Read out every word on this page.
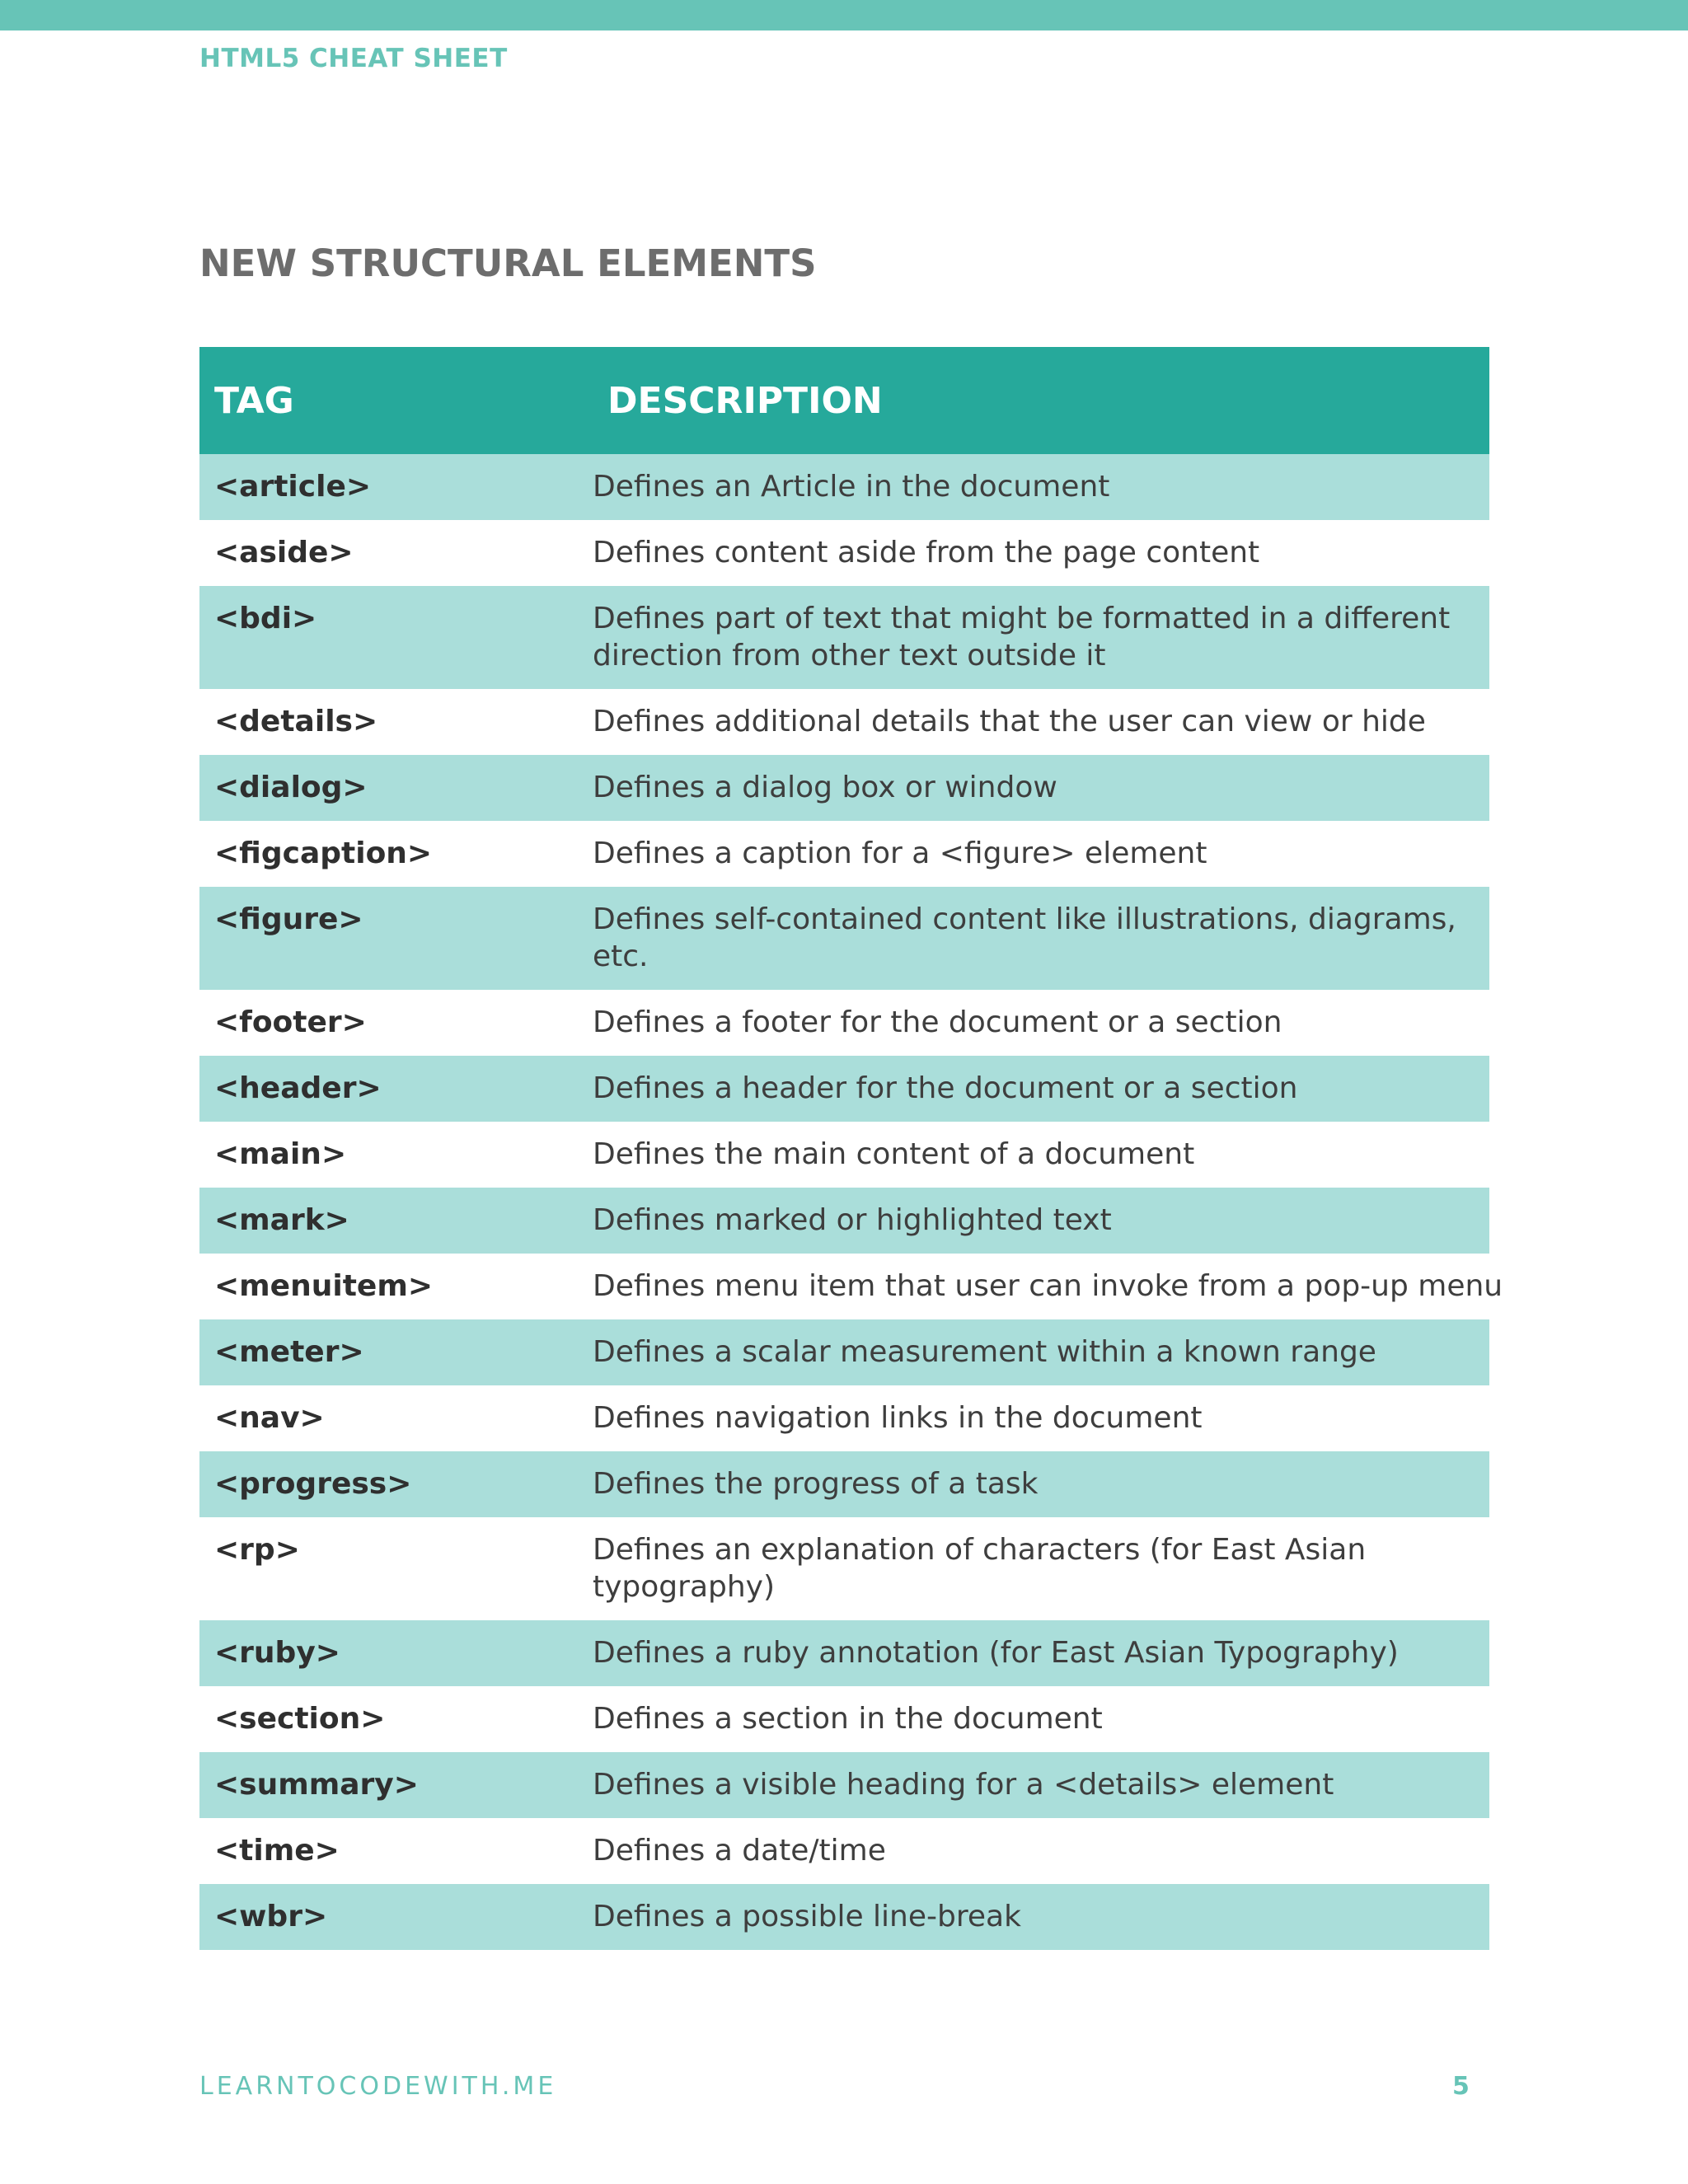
HTML5 CHEAT SHEET
NEW STRUCTURAL ELEMENTS
TAG	DESCRIPTION
<article>	Defines an Article in the document
<aside>	Defines content aside from the page content
<bdi>	Defines part of text that might be formatted in a different
direction from other text outside it
<details>	Defines additional details that the user can view or hide
<dialog>	Defines a dialog box or window
<figcaption>	Defines a caption for a <figure> element
<figure>	Defines self-contained content like illustrations, diagrams,
etc.
<footer>	Defines a footer for the document or a section
<header>	Defines a header for the document or a section
<main>	Defines the main content of a document
<mark>	Defines marked or highlighted text
<menuitem>	Defines menu item that user can invoke from a pop-up menu
<meter>	Defines a scalar measurement within a known range
<nav>	Defines navigation links in the document
<progress>	Defines the progress of a task
<rp>	Defines an explanation of characters (for East Asian
typography)
<ruby>	Defines a ruby annotation (for East Asian Typography)
<section>	Defines a section in the document
<summary>	Defines a visible heading for a <details> element
<time>	Defines a date/time
<wbr>	Defines a possible line-break
LEARNTOCODEWITH.ME	5
